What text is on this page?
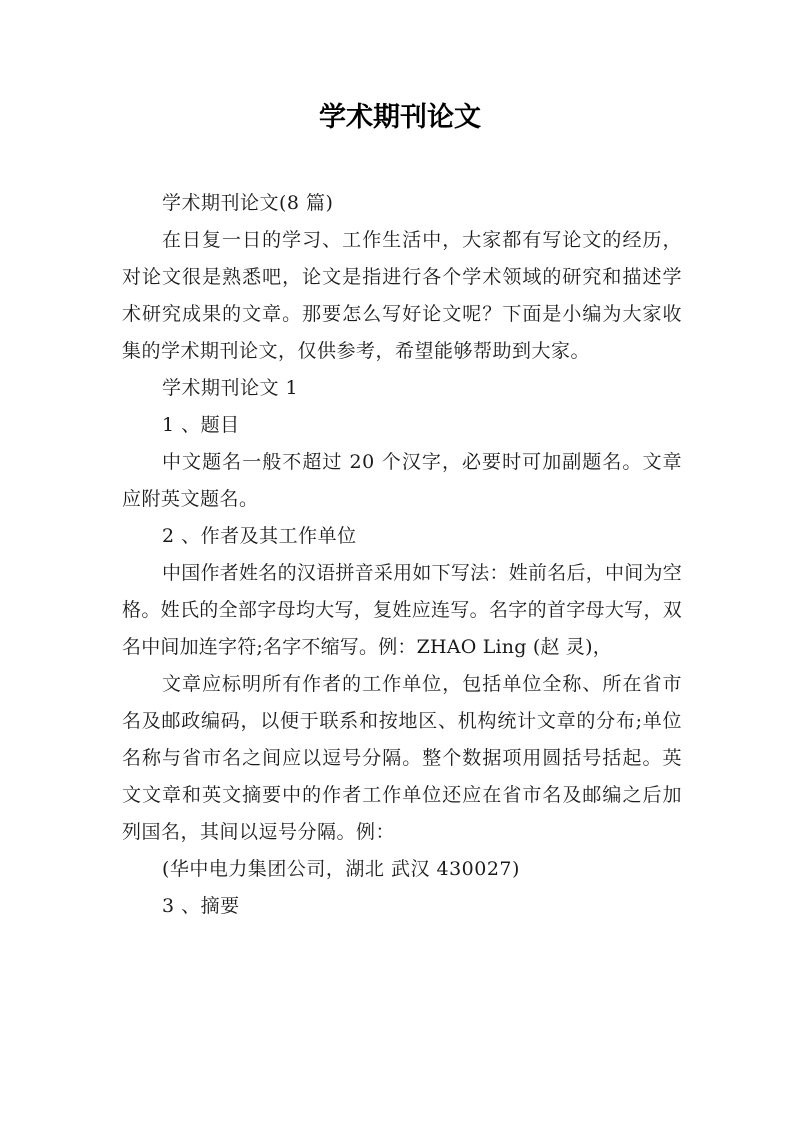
学术期刊论文

学术期刊论文(8 篇)

在日复一日的学习、工作生活中，大家都有写论文的经历，对论文很是熟悉吧，论文是指进行各个学术领域的研究和描述学术研究成果的文章。那要怎么写好论文呢？下面是小编为大家收集的学术期刊论文，仅供参考，希望能够帮助到大家。

学术期刊论文 1

1 、题目

中文题名一般不超过 20 个汉字，必要时可加副题名。文章应附英文题名。

2 、作者及其工作单位

中国作者姓名的汉语拼音采用如下写法：姓前名后，中间为空格。姓氏的全部字母均大写，复姓应连写。名字的首字母大写，双名中间加连字符;名字不缩写。例：ZHAO Ling (赵 灵)，

文章应标明所有作者的工作单位，包括单位全称、所在省市名及邮政编码，以便于联系和按地区、机构统计文章的分布;单位名称与省市名之间应以逗号分隔。整个数据项用圆括号括起。英文文章和英文摘要中的作者工作单位还应在省市名及邮编之后加列国名，其间以逗号分隔。例：

(华中电力集团公司，湖北 武汉 430027)

3 、摘要
